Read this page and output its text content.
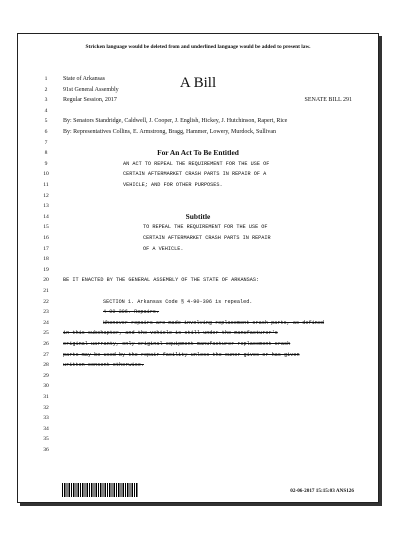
Stricken language would be deleted from and underlined language would be added to present law.
A Bill
1	State of Arkansas
2	91st General Assembly
3	Regular Session, 2017	SENATE BILL 291
4
5	By: Senators Standridge, Caldwell, J. Cooper, J. English, Hickey, J. Hutchinson, Rapert, Rice
6	By: Representatives Collins, E. Armstrong, Bragg, Hammer, Lowery, Murdock, Sullivan
7
8	For An Act To Be Entitled
9	AN ACT TO REPEAL THE REQUIREMENT FOR THE USE OF
10	CERTAIN AFTERMARKET CRASH PARTS IN REPAIR OF A
11	VEHICLE; AND FOR OTHER PURPOSES.
12
13
14	Subtitle
15	TO REPEAL THE REQUIREMENT FOR THE USE OF
16	CERTAIN AFTERMARKET CRASH PARTS IN REPAIR
17	OF A VEHICLE.
18
19
20	BE IT ENACTED BY THE GENERAL ASSEMBLY OF THE STATE OF ARKANSAS:
21
22	SECTION 1. Arkansas Code § 4-90-306 is repealed.
23	4-90-306. Repairs.
24	Whenever repairs are made involving replacement crash parts, as defined
25	in this subchapter, and the vehicle is still under the manufacturer's
26	original warranty, only original equipment manufacturer replacement crash
27	parts may be used by the repair facility unless the owner gives or has given
28	written consent otherwise.
29
30
31
32
33
34
35
36
02-06-2017 15:15:03 ANS126
